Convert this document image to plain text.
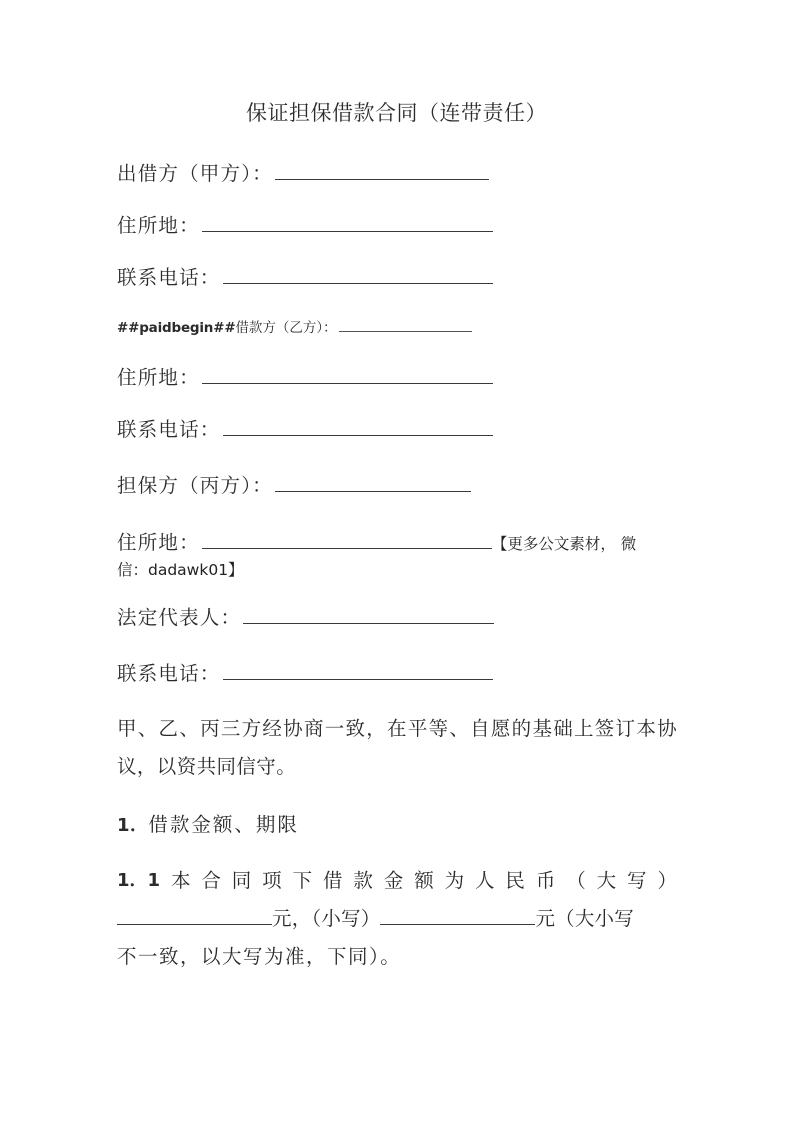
保证担保借款合同（连带责任）
出借方（甲方）：
住所地：
联系电话：
##paidbegin##借款方（乙方）：
住所地：
联系电话：
担保方（丙方）：
住所地：	【更多公文素材， 微
信：dadawk01】
法定代表人：
联系电话：
甲、乙、丙三方经协商一致，在平等、自愿的基础上签订本协议，以资共同信守。
1．借款金额、期限
1．1 本 合 同 项 下 借 款 金 额 为 人 民 币 （ 大 写 ）
元，（小写）	元（大小写
不一致，以大写为准，下同）。
